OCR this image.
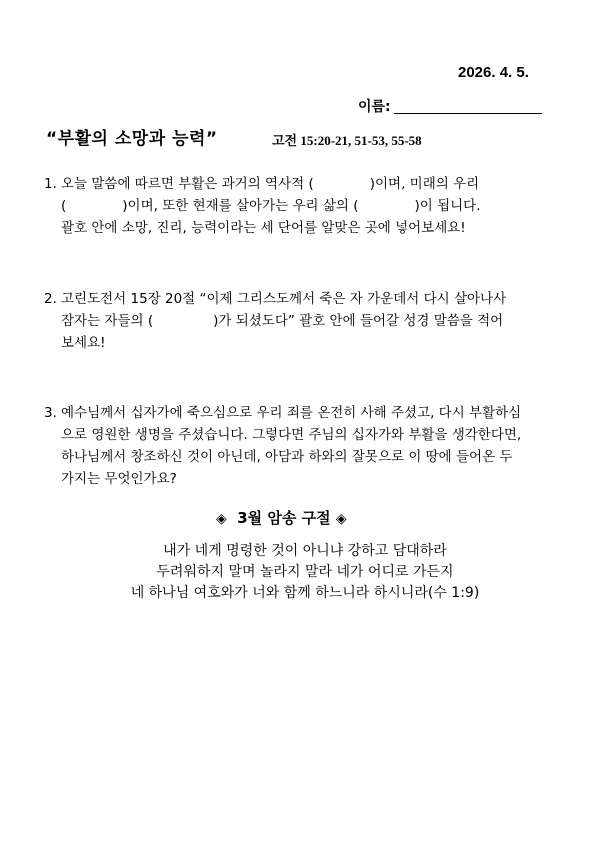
2026. 4. 5.
이름:
“부활의 소망과 능력”	고전 15:20-21, 51-53, 55-58
1. 오늘 말씀에 따르면 부활은 과거의 역사적 (	)이며, 미래의 우리
(	)이며, 또한 현재를 살아가는 우리 삶의 (	)이 됩니다.
괄호 안에 소망, 진리, 능력이라는 세 단어를 알맞은 곳에 넣어보세요!
2. 고린도전서 15장 20절 “이제 그리스도께서 죽은 자 가운데서 다시 살아나사
잠자는 자들의 (	)가 되셨도다” 괄호 안에 들어갈 성경 말씀을 적어
보세요!
3. 예수님께서 십자가에 죽으심으로 우리 죄를 온전히 사해 주셨고, 다시 부활하심
으로 영원한 생명을 주셨습니다. 그렇다면 주님의 십자가와 부활을 생각한다면,
하나님께서 창조하신 것이 아닌데, 아담과 하와의 잘못으로 이 땅에 들어온 두
가지는 무엇인가요?
◈ 3월 암송 구절 ◈
내가 네게 명령한 것이 아니냐 강하고 담대하라
두려워하지 말며 놀라지 말라 네가 어디로 가든지
네 하나님 여호와가 너와 함께 하느니라 하시니라(수 1:9)
